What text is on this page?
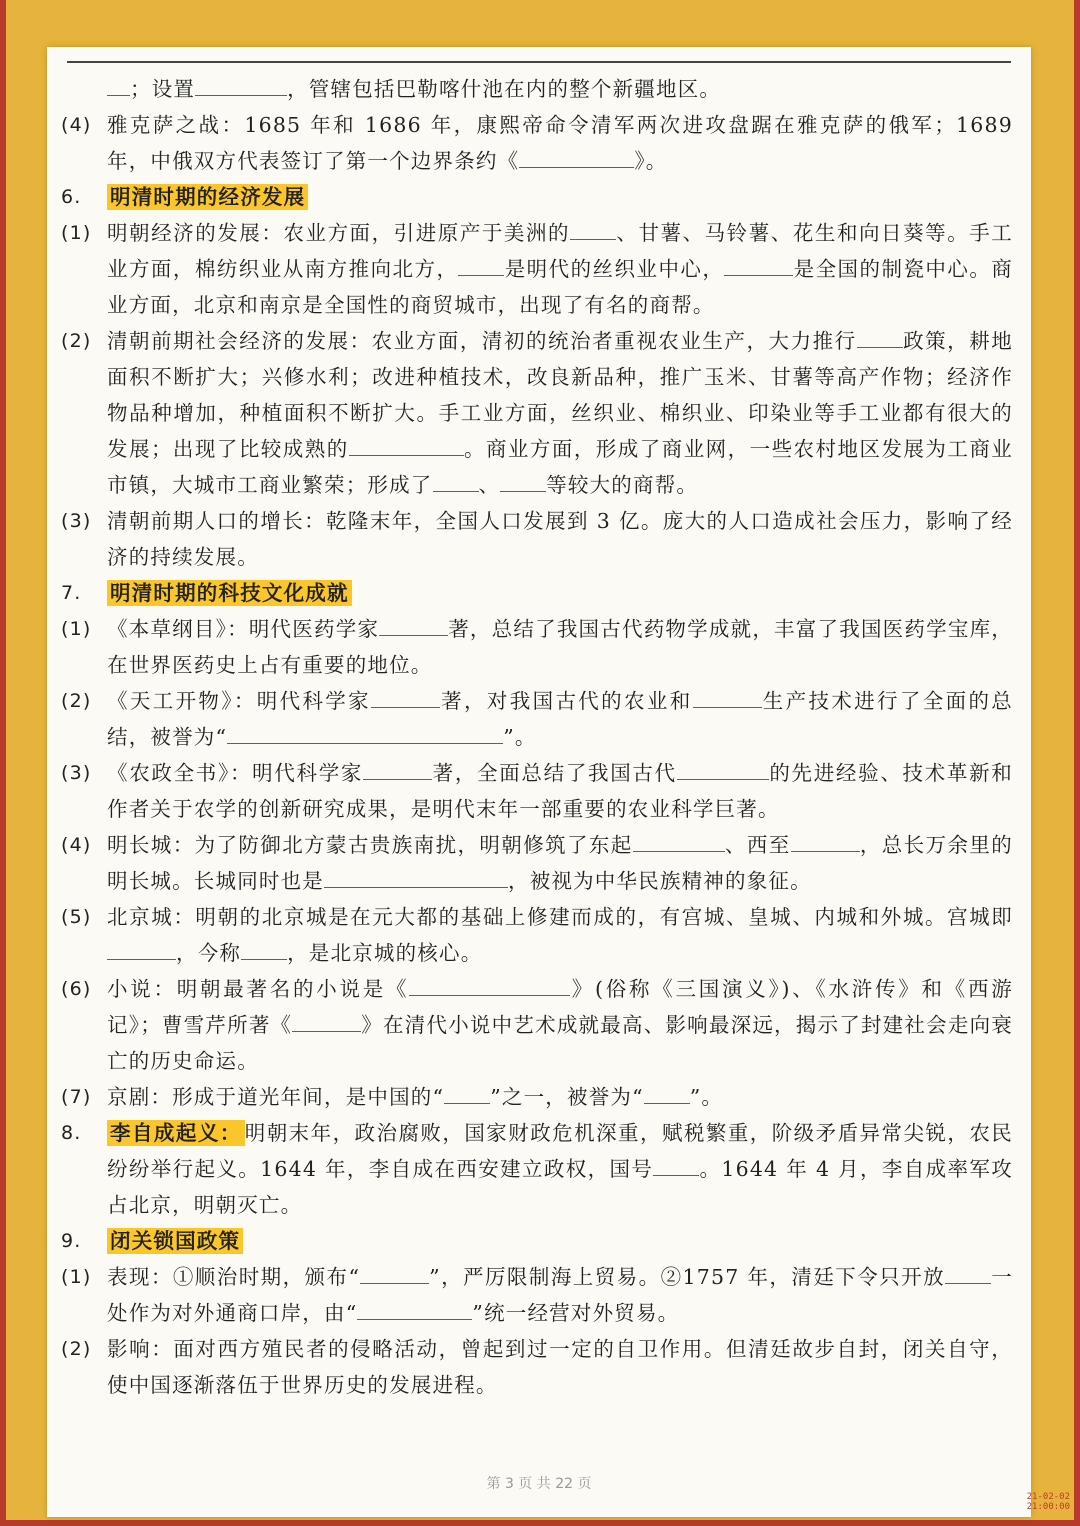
；设置	，管辖包括巴勒喀什池在内的整个新疆地区。
(4) 雅克萨之战：1685 年和 1686 年，康熙帝命令清军两次进攻盘踞在雅克萨的俄军；1689 年，中俄双方代表签订了第一个边界条约《	》。
6.	明清时期的经济发展
(1) 明朝经济的发展：农业方面，引进原产于美洲的 、甘薯、马铃薯、花生和向日葵等。手工业方面，棉纺织业从南方推向北方， 是明代的丝织业中心，	是全国的制瓷中心。商业方面，北京和南京是全国性的商贸城市，出现了有名的商帮。
(2) 清朝前期社会经济的发展：农业方面，清初的统治者重视农业生产，大力推行 政策，耕地面积不断扩大；兴修水利；改进种植技术，改良新品种，推广玉米、甘薯等高产作物；经济作物品种增加，种植面积不断扩大。手工业方面，丝织业、棉织业、印染业等手工业都有很大的发展；出现了比较成熟的	。商业方面，形成了商业网，一些农村地区发展为工商业市镇，大城市工商业繁荣；形成了 、 等较大的商帮。
(3) 清朝前期人口的增长：乾隆末年，全国人口发展到 3 亿。庞大的人口造成社会压力，影响了经济的持续发展。
7.	明清时期的科技文化成就
(1) 《本草纲目》：明代医药学家	著，总结了我国古代药物学成就，丰富了我国医药学宝库，在世界医药史上占有重要的地位。
(2) 《天工开物》：明代科学家	著，对我国古代的农业和	生产技术进行了全面的总结，被誉为“	”。
(3) 《农政全书》：明代科学家	著，全面总结了我国古代	的先进经验、技术革新和作者关于农学的创新研究成果，是明代末年一部重要的农业科学巨著。
(4) 明长城：为了防御北方蒙古贵族南扰，明朝修筑了东起	、西至	，总长万余里的明长城。长城同时也是	，被视为中华民族精神的象征。
(5) 北京城：明朝的北京城是在元大都的基础上修建而成的，有宫城、皇城、内城和外城。宫城即，今称 ，是北京城的核心。
(6) 小说：明朝最著名的小说是《	》(俗称《三国演义》)、《水浒传》和《西游记》；曹雪芹所著《	》在清代小说中艺术成就最高、影响最深远，揭示了封建社会走向衰亡的历史命运。
(7) 京剧：形成于道光年间，是中国的“ ”之一，被誉为“ ”。
8.	李自成起义： 明朝末年，政治腐败，国家财政危机深重，赋税繁重，阶级矛盾异常尖锐，农民纷纷举行起义。1644 年，李自成在西安建立政权，国号 。1644 年 4 月，李自成率军攻占北京，明朝灭亡。
9.	闭关锁国政策
(1) 表现：①顺治时期，颁布“	”，严厉限制海上贸易。②1757 年，清廷下令只开放 一处作为对外通商口岸，由“	”统一经营对外贸易。
(2) 影响：面对西方殖民者的侵略活动，曾起到过一定的自卫作用。但清廷故步自封，闭关自守，使中国逐渐落伍于世界历史的发展进程。
第 3 页 共 22 页
21-02-02
21:00:00
